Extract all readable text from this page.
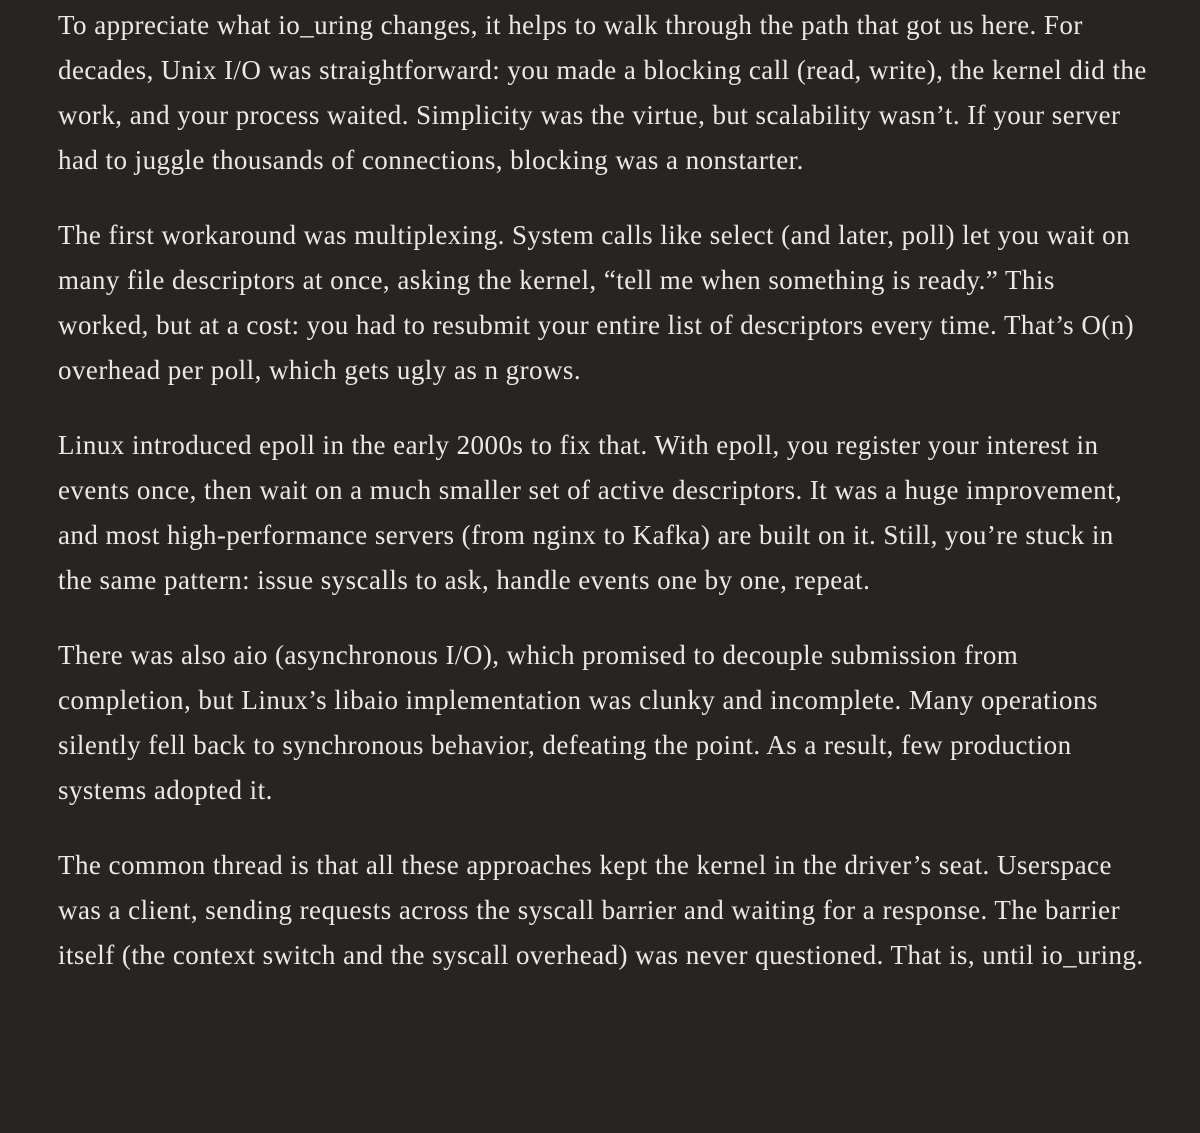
To appreciate what io_uring changes, it helps to walk through the path that got us here. For decades, Unix I/O was straightforward: you made a blocking call (read, write), the kernel did the work, and your process waited. Simplicity was the virtue, but scalability wasn’t. If your server had to juggle thousands of connections, blocking was a nonstarter.

The first workaround was multiplexing. System calls like select (and later, poll) let you wait on many file descriptors at once, asking the kernel, “tell me when something is ready.” This worked, but at a cost: you had to resubmit your entire list of descriptors every time. That’s O(n) overhead per poll, which gets ugly as n grows.

Linux introduced epoll in the early 2000s to fix that. With epoll, you register your interest in events once, then wait on a much smaller set of active descriptors. It was a huge improvement, and most high-performance servers (from nginx to Kafka) are built on it. Still, you’re stuck in the same pattern: issue syscalls to ask, handle events one by one, repeat.

There was also aio (asynchronous I/O), which promised to decouple submission from completion, but Linux’s libaio implementation was clunky and incomplete. Many operations silently fell back to synchronous behavior, defeating the point. As a result, few production systems adopted it.

The common thread is that all these approaches kept the kernel in the driver’s seat. Userspace was a client, sending requests across the syscall barrier and waiting for a response. The barrier itself (the context switch and the syscall overhead) was never questioned. That is, until io_uring.
